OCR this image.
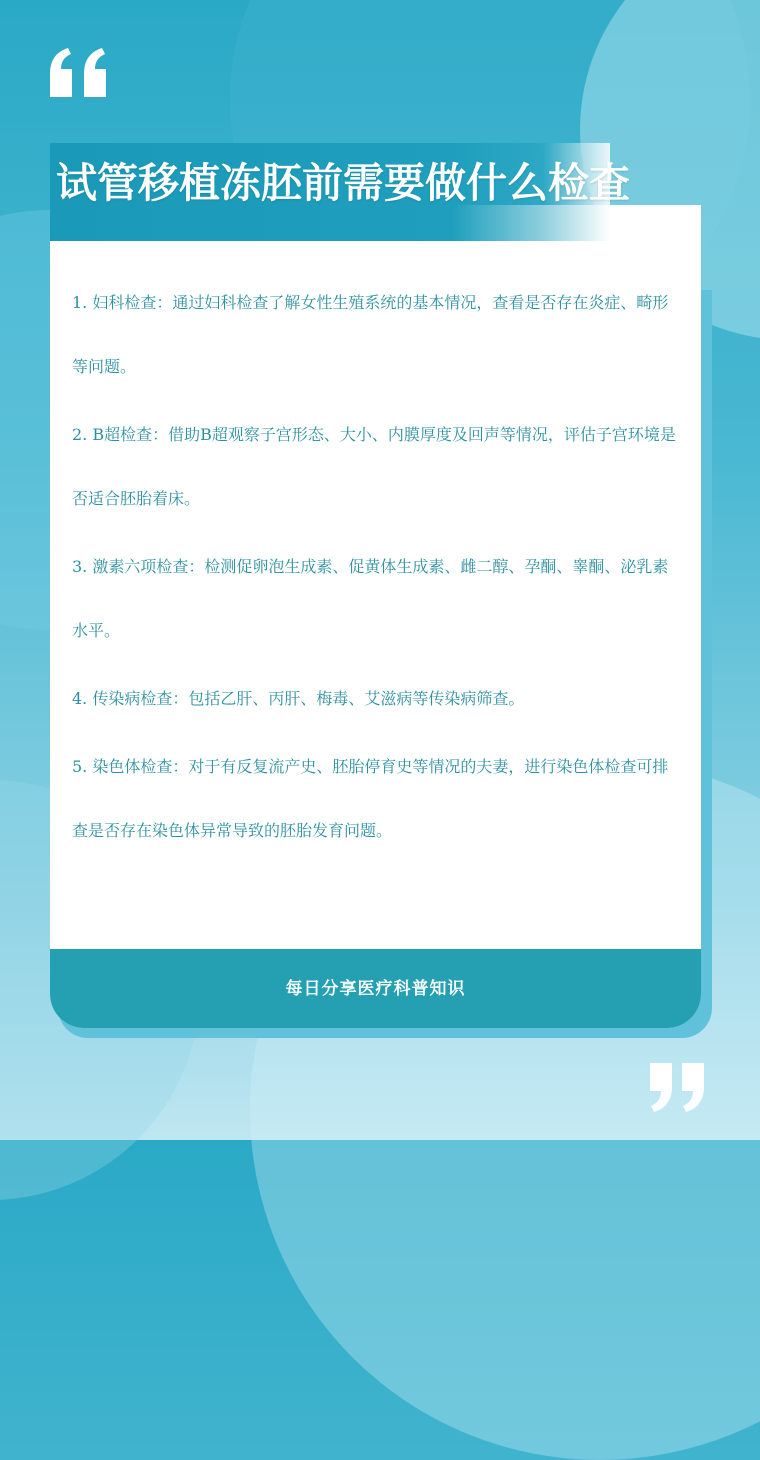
1. 妇科检查：通过妇科检查了解女性生殖系统的基本情况，查看是否存在炎症、畸形等问题。

2. B超检查：借助B超观察子宫形态、大小、内膜厚度及回声等情况，评估子宫环境是否适合胚胎着床。

3. 激素六项检查：检测促卵泡生成素、促黄体生成素、雌二醇、孕酮、睾酮、泌乳素水平。

4. 传染病检查：包括乙肝、丙肝、梅毒、艾滋病等传染病筛查。

5. 染色体检查：对于有反复流产史、胚胎停育史等情况的夫妻，进行染色体检查可排查是否存在染色体异常导致的胚胎发育问题。

每日分享医疗科普知识
试管移植冻胚前需要做什么检查
